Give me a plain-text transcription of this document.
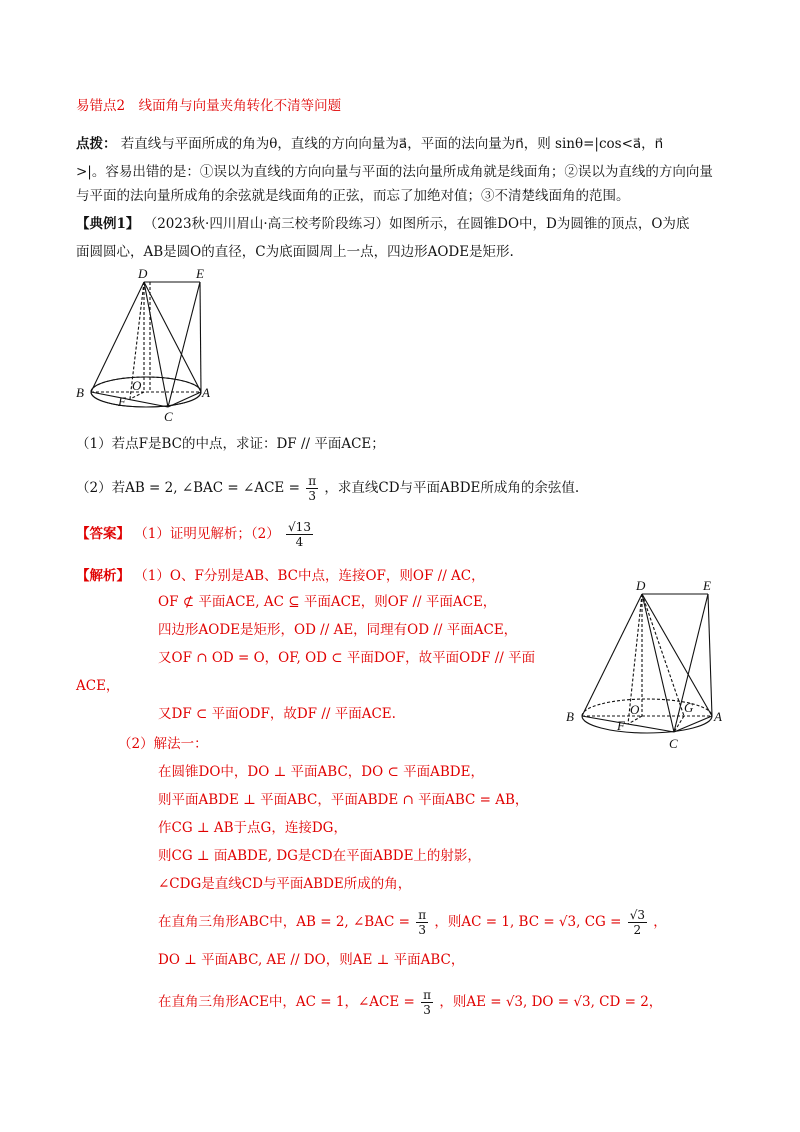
易错点2　线面角与向量夹角转化不清等问题
点拨： 若直线与平面所成的角为θ，直线的方向向量为a⃗，平面的法向量为n⃗，则 sinθ=|cos<a⃗，n⃗
>|。容易出错的是：①误以为直线的方向向量与平面的法向量所成角就是线面角；②误以为直线的方向向量
与平面的法向量所成角的余弦就是线面角的正弦，而忘了加绝对值；③不清楚线面角的范围。
【典例1】 （2023秋·四川眉山·高三校考阶段练习）如图所示，在圆锥DO中，D为圆锥的顶点，O为底
面圆圆心，AB是圆O的直径，C为底面圆周上一点，四边形AODE是矩形.
D	E
O
F
B	A
C
（1）若点F是BC的中点，求证：DF // 平面ACE；
（2）若AB = 2, ∠BAC = ∠ACE = $\frac{\pi}{3}$ ，求直线CD与平面ABDE所成角的余弦值.
【答案】 （1）证明见解析；$(2) \frac{√13}{4}$
【解析】 （1）O、F分别是AB、BC中点，连接OF，则OF // AC，
OF ⊄ 平面ACE, AC ⊆ 平面ACE，则OF // 平面ACE，
四边形AODE是矩形，OD // AE，同理有OD // 平面ACE，
又OF ∩ OD = O，OF, OD ⊂ 平面DOF，故平面ODF // 平面
ACE，
又DF ⊂ 平面ODF，故DF // 平面ACE.
D	E
O
F
G
B	A
C
（2）解法一：
在圆锥DO中，DO ⊥ 平面ABC，DO ⊂ 平面ABDE，
则平面ABDE ⊥ 平面ABC，平面ABDE ∩ 平面ABC = AB，
作CG ⊥ AB于点G，连接DG，
则CG ⊥ 面ABDE, DG是CD在平面ABDE上的射影，
∠CDG是直线CD与平面ABDE所成的角，
在直角三角形ABC中，AB = 2, ∠BAC = $\frac{\pi}{3}$ ，则AC = 1, BC = √3, CG = $\frac{√3}{2}$ ，
DO ⊥ 平面ABC, AE // DO，则AE ⊥ 平面ABC，
在直角三角形ACE中，AC = 1，∠ACE = $\frac{\pi}{3}$ ，则AE = √3, DO = √3, CD = 2，
